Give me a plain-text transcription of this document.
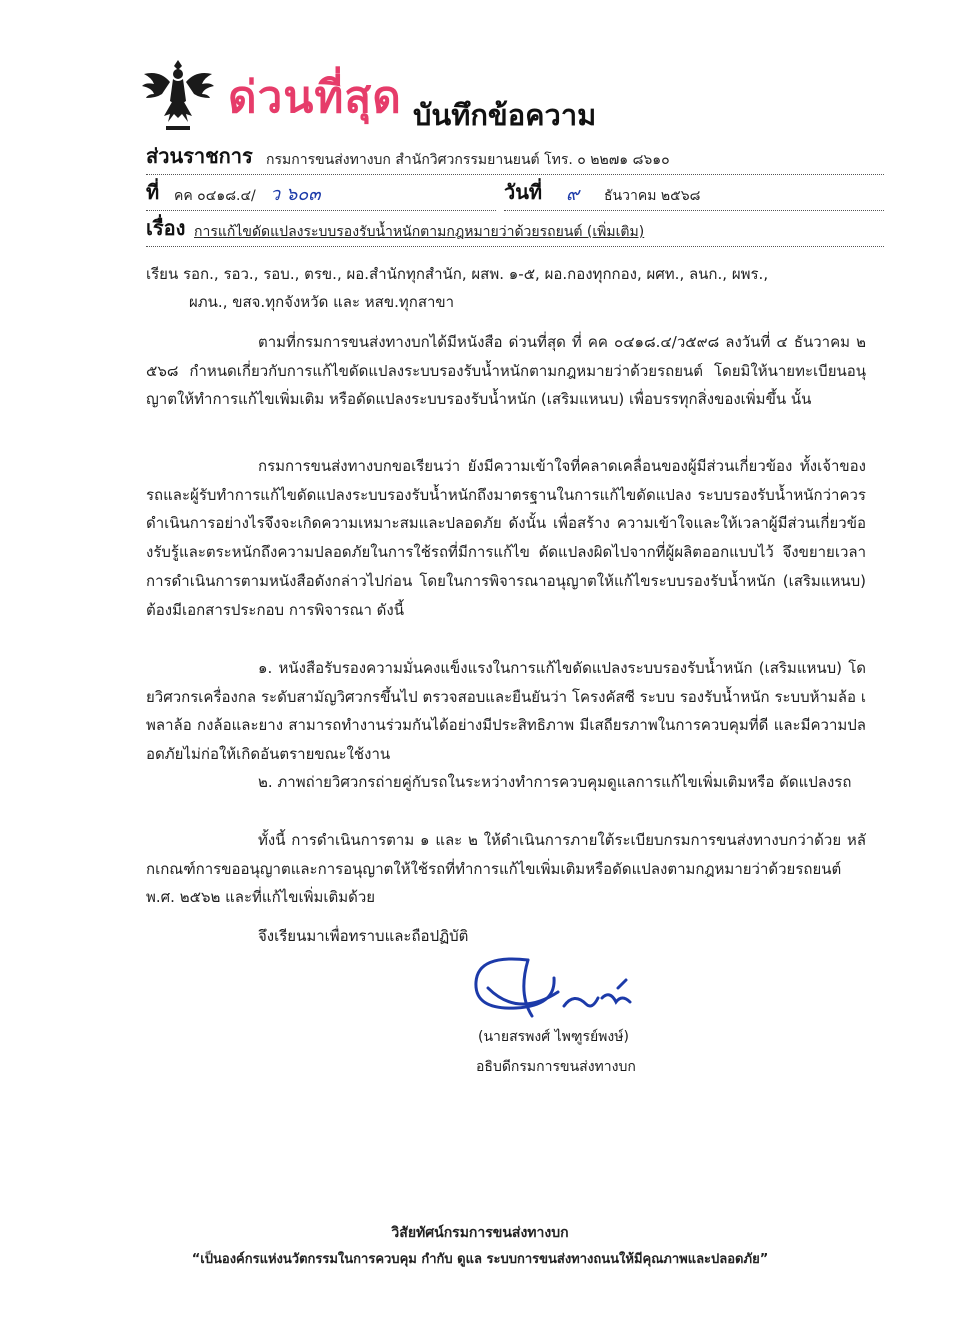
ด่วนที่สุด บันทึกข้อความ
ส่วนราชการ กรมการขนส่งทางบก สำนักวิศวกรรมยานยนต์ โทร. ๐ ๒๒๗๑ ๘๖๑๐
ที่ คค ๐๔๑๘.๔/ ว ๖๐๓	วันที่ ๙ ธันวาคม ๒๕๖๘
เรื่อง การแก้ไขดัดแปลงระบบรองรับน้ำหนักตามกฎหมายว่าด้วยรถยนต์ (เพิ่มเติม)
เรียน รอก., รอว., รอบ., ตรข., ผอ.สำนักทุกสำนัก, ผสพ. ๑-๕, ผอ.กองทุกกอง, ผศท., ลนก., ผพร.,
ผภน., ขสจ.ทุกจังหวัด และ หสข.ทุกสาขา
ตามที่กรมการขนส่งทางบกได้มีหนังสือ ด่วนที่สุด ที่ คค ๐๔๑๘.๔/ว๕๙๘ ลงวันที่ ๔ ธันวาคม ๒๕๖๘ กำหนดเกี่ยวกับการแก้ไขดัดแปลงระบบรองรับน้ำหนักตามกฎหมายว่าด้วยรถยนต์ โดยมิให้นายทะเบียนอนุญาตให้ทำการแก้ไขเพิ่มเติม หรือดัดแปลงระบบรองรับน้ำหนัก (เสริมแหนบ) เพื่อบรรทุกสิ่งของเพิ่มขึ้น นั้น
กรมการขนส่งทางบกขอเรียนว่า ยังมีความเข้าใจที่คลาดเคลื่อนของผู้มีส่วนเกี่ยวข้อง ทั้งเจ้าของรถและผู้รับทำการแก้ไขดัดแปลงระบบรองรับน้ำหนักถึงมาตรฐานในการแก้ไขดัดแปลง ระบบรองรับน้ำหนักว่าควรดำเนินการอย่างไรจึงจะเกิดความเหมาะสมและปลอดภัย ดังนั้น เพื่อสร้าง ความเข้าใจและให้เวลาผู้มีส่วนเกี่ยวข้องรับรู้และตระหนักถึงความปลอดภัยในการใช้รถที่มีการแก้ไข ดัดแปลงผิดไปจากที่ผู้ผลิตออกแบบไว้ จึงขยายเวลาการดำเนินการตามหนังสือดังกล่าวไปก่อน โดยในการพิจารณาอนุญาตให้แก้ไขระบบรองรับน้ำหนัก (เสริมแหนบ) ต้องมีเอกสารประกอบ การพิจารณา ดังนี้
๑. หนังสือรับรองความมั่นคงแข็งแรงในการแก้ไขดัดแปลงระบบรองรับน้ำหนัก (เสริมแหนบ) โดยวิศวกรเครื่องกล ระดับสามัญวิศวกรขึ้นไป ตรวจสอบและยืนยันว่า โครงคัสซี ระบบ รองรับน้ำหนัก ระบบห้ามล้อ เพลาล้อ กงล้อและยาง สามารถทำงานร่วมกันได้อย่างมีประสิทธิภาพ มีเสถียรภาพในการควบคุมที่ดี และมีความปลอดภัยไม่ก่อให้เกิดอันตรายขณะใช้งาน
๒. ภาพถ่ายวิศวกรถ่ายคู่กับรถในระหว่างทำการควบคุมดูแลการแก้ไขเพิ่มเติมหรือ ดัดแปลงรถ
ทั้งนี้ การดำเนินการตาม ๑ และ ๒ ให้ดำเนินการภายใต้ระเบียบกรมการขนส่งทางบกว่าด้วย หลักเกณฑ์การขออนุญาตและการอนุญาตให้ใช้รถที่ทำการแก้ไขเพิ่มเติมหรือดัดแปลงตามกฎหมายว่าด้วยรถยนต์ พ.ศ. ๒๕๖๒ และที่แก้ไขเพิ่มเติมด้วย
จึงเรียนมาเพื่อทราบและถือปฏิบัติ
(นายสรพงศ์ ไพฑูรย์พงษ์)
อธิบดีกรมการขนส่งทางบก
วิสัยทัศน์กรมการขนส่งทางบก
“เป็นองค์กรแห่งนวัตกรรมในการควบคุม กำกับ ดูแล ระบบการขนส่งทางถนนให้มีคุณภาพและปลอดภัย”
